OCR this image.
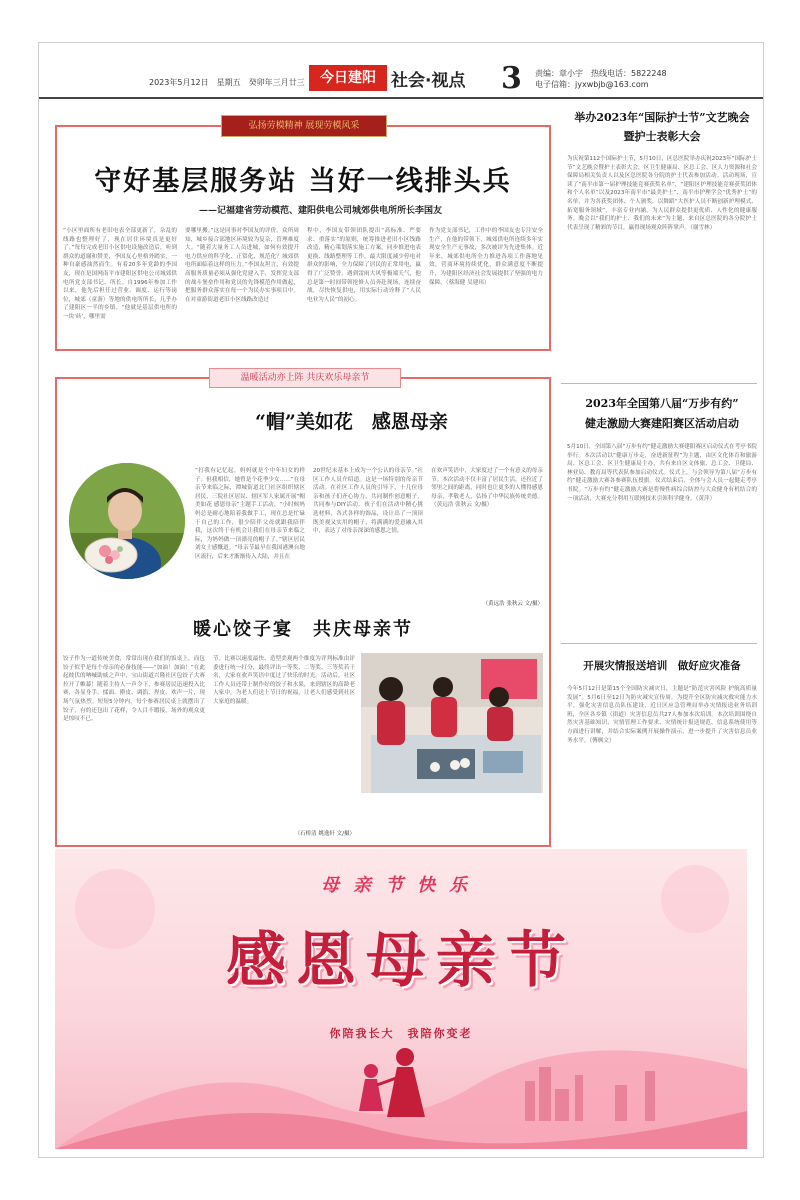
2023年5月12日　星期五　癸卯年三月廿三	今日建阳 社会·视点 3 责编：章小宇　热线电话：5822248
电子信箱：jyxwbjb@163.com
弘扬劳模精神 展现劳模风采
守好基层服务站 当好一线排头兵
——记福建省劳动模范、建阳供电公司城郊供电所所长李国友
“小区里面所有老旧电表全部更新了，杂乱的线路也整理好了，现在居住环境真是更好了。”每每完成老旧小区供电设施改造后，听到群众的道谢和赞美，李国友心里格外踏实，一种自豪感油然而生。有着20多年党龄的李国友，现在是国网南平市建阳区供电公司城郊供电所党支部书记、所长。自1996年参加工作以来，他先后担任过营业、调度、运行等岗位，城郊（童游）等地的供电所所长，几乎办了建阳区一半的乡镇。“他就是基层供电所的一块‘砖’，哪里需
要哪里搬。”这是同事对李国友的评价。众所周知，城乡接合部地区环境较为复杂，管理难度大。“随着大量务工人员进城，如何有效提升电力供应的科学化、正常化、规范化？城郊供电所面临着这样的压力。”李国友坦言，有效提高服务质量必须从强化党建入手，发挥党支部的战斗堡垒作用和党员的先锋模范作用做起，把服务群众落实在每一个为民办实事项目中。在对童游街道老旧小区线路改造过
程中，李国友带领团队提出“高标准、严要求、重落实”的原则，统筹推进老旧小区线路改造，精心策划落实施工方案，同步推进电表更换、线路整理等工作，最大限度减少停电对群众的影响，全力保障了居民的正常用电，赢得了广泛赞誉。遇到雷雨大风等极端天气，他总是第一时间带领抢修人员奔赴现场，连续奋战，尽快恢复供电，用实际行动诠释了“人民电业为人民”的初心。
作为党支部书记，工作中的李国友也专注安全生产，在他的带领下，城郊供电所连续多年实现安全生产无事故，多次被评为先进集体。近年来，城郊供电所全力推进各项工作落地见效，营商环境持续优化，群众满意度不断提升，为建阳区经济社会发展提供了坚强的电力保障。（蔡海健 吴建玮）
举办2023年“国际护士节”文艺晚会
暨护士表彰大会
为庆祝第112个国际护士节，5月10日，区总医院举办庆祝2023年“国际护士节”文艺晚会暨护士表彰大会，区卫生健康局、区总工会、区人力资源和社会保障局相关负责人以及区总医院各分院的护士代表参加活动。活动现场，宣读了“南平市第一届护理技能竞赛获奖名单”，“建阳区护理技能竞赛获奖团体和个人名单”以及2023年南平市“最美护士”、南平市护理学会“优秀护士”的名单，并为各获奖团体、个人颁奖。以舞蹈“大医护人员不断创新护理模式、拓宽服务领域”，丰富专业内涵，为人民群众提供更优质、人性化的健康服务。晚会以“我们的护士、我们的未来”为主题，来自区总医院的各分院护士代表呈现了精彩的节目，赢得现场观众阵阵掌声。（谢雪林）
温暖活动亦上阵 共庆欢乐母亲节
“帽”美如花　感恩母亲
“打我有记忆起，妈妈就是个中年妇女的样子。但我相信，她曾是个花季少女……”在母亲节来临之际，潭城街道北门社区组织辖区居民、三院社区居民、辖区军人家属开展“帽美如花 感恩母亲”主题手工活动。“小时候妈妈总是耐心地陪着我做手工，现在总是忙碌于自己的工作，很少陪伴父母就跟我陪伴我，这次终于有机会让我们在母亲节来临之际，为妈妈做一顶漂亮的帽子了。”辖区居民刘女士感慨道。“母亲节最早在我国港澳台地区流行，后来才渐渐传入大陆，并且在
20世纪末基本上成为一个公认的母亲节。”社区工作人员介绍道。这是一场特别的母亲节活动。在社区工作人员的引导下，十几位母亲和孩子们齐心协力，共同制作创意帽子，共同参与DIY活动。孩子们在活动中精心挑选材料，各式各样的饰品，设计出了一顶顶既美观又实用的帽子，将满满的爱意融入其中，表达了对母亲深深的感恩之情。
在欢声笑语中，大家度过了一个有意义的母亲节。本次活动不仅丰富了居民生活，还拉近了邻里之间的距离，同时也让更多的人懂得感恩母亲，孝敬老人，弘扬了中华民族传统美德。（黄远浩 张秋云 文/摄）
（黄远浩 张秋云 文/摄）
暖心饺子宴　共庆母亲节
饺子作为一道传统美食，常常出现在我们的饭桌上，而包饺子似乎是每个母亲的必备技能——“加油！加油！”在此起彼伏的呐喊助威之声中，宝山街道兴隆社区包饺子大赛拉开了帷幕！随着主持人一声令下，参赛居民迅速投入比赛，各显身手，揉面、擀皮、调馅、捏皮，欢声一片，现场气氛热烈。短短5分钟内，每个参赛居民桌上就摆出了饺子，有的还包出了花样，令人目不暇接，场外的观众更是惊叹不已。
节。比赛以速度最快、造型美观两个维度为评判标准由评委进行统一打分，最终评出一等奖、二等奖、三等奖若干名，大家在欢声笑语中度过了快乐的时光。活动后，社区工作人员还带上制作好的饺子和水果，来到辖区的高龄老人家中，为老人们送上节日的祝福，让老人们感受到社区大家庭的温暖。
（石桥清 姚逸轩 文/摄）
2023年全国第八届“万步有约”
健走激励大赛建阳赛区活动启动
5月10日，全国第八届“万步有约”健走激励大赛建阳赛区启动仪式在考亭书院举行。本次活动以“健康万步走，奋进新征程”为主题，由区文化体育和旅游局、区总工会、区卫生健康局主办，共有来自区文体旅、总工会、卫健局、林业局、教育局等代表队参加启动仪式。仪式上，与会领导为第八届“万步有约”健走激励大赛各参赛队伍授旗。仪式结束后，全体与会人员一起健走考亭书院。“万步有约”健走激励大赛是将慢性病综合防控与大众健身有机结合的一项活动，大赛充分利用互联网技术引领科学健身。（黄萍）
开展灾情报送培训　做好应灾准备
今年5月12日是第15个全国防灾减灾日，主题是“防范灾害风险 护航高质量发展”。5月6日至12日为防灾减灾宣传周。为提升全区防灾减灾救灾能力水平，强化灾害信息员队伍建设，近日区应急管理局举办灾情报送业务培训班，全区各乡镇（街道）灾害信息员共27人参加本次培训。本次培训围绕自然灾害基础知识、灾情管理工作要求、灾情统计报送规范、信息系统使用等方面进行讲解，并结合实际案例开展操作演示，进一步提升了灾害信息员业务水平。（傅枫文）
母亲节快乐
感恩母亲节
你陪我长大　我陪你变老
